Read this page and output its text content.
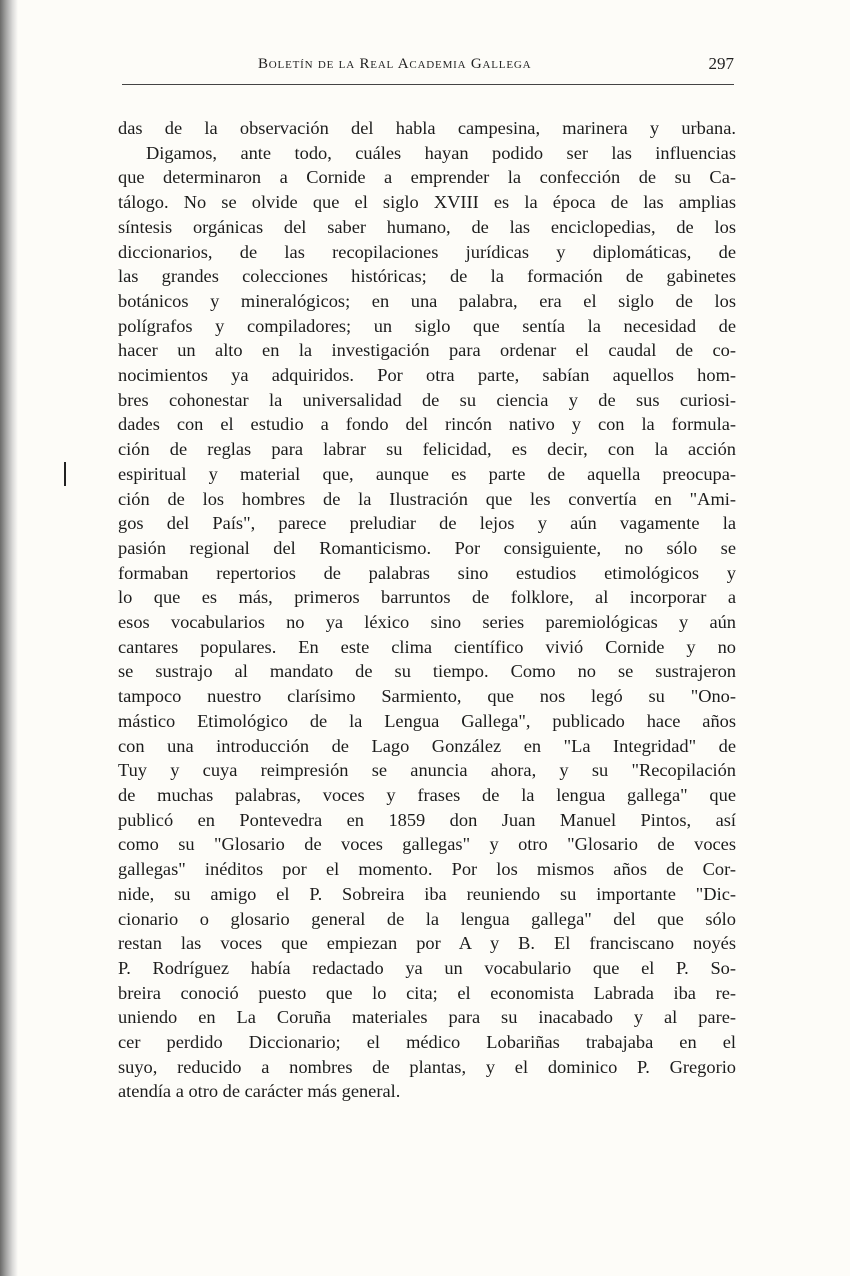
Boletín de la Real Academia Gallega	297
das de la observación del habla campesina, marinera y urbana.
Digamos, ante todo, cuáles hayan podido ser las influencias
que determinaron a Cornide a emprender la confección de su Ca-
tálogo. No se olvide que el siglo XVIII es la época de las amplias
síntesis orgánicas del saber humano, de las enciclopedias, de los
diccionarios, de las recopilaciones jurídicas y diplomáticas, de
las grandes colecciones históricas; de la formación de gabinetes
botánicos y mineralógicos; en una palabra, era el siglo de los
polígrafos y compiladores; un siglo que sentía la necesidad de
hacer un alto en la investigación para ordenar el caudal de co-
nocimientos ya adquiridos. Por otra parte, sabían aquellos hom-
bres cohonestar la universalidad de su ciencia y de sus curiosi-
dades con el estudio a fondo del rincón nativo y con la formula-
ción de reglas para labrar su felicidad, es decir, con la acción
espiritual y material que, aunque es parte de aquella preocupa-
ción de los hombres de la Ilustración que les convertía en "Ami-
gos del País", parece preludiar de lejos y aún vagamente la
pasión regional del Romanticismo. Por consiguiente, no sólo se
formaban repertorios de palabras sino estudios etimológicos y
lo que es más, primeros barruntos de folklore, al incorporar a
esos vocabularios no ya léxico sino series paremiológicas y aún
cantares populares. En este clima científico vivió Cornide y no
se sustrajo al mandato de su tiempo. Como no se sustrajeron
tampoco nuestro clarísimo Sarmiento, que nos legó su "Ono-
mástico Etimológico de la Lengua Gallega", publicado hace años
con una introducción de Lago González en "La Integridad" de
Tuy y cuya reimpresión se anuncia ahora, y su "Recopilación
de muchas palabras, voces y frases de la lengua gallega" que
publicó en Pontevedra en 1859 don Juan Manuel Pintos, así
como su "Glosario de voces gallegas" y otro "Glosario de voces
gallegas" inéditos por el momento. Por los mismos años de Cor-
nide, su amigo el P. Sobreira iba reuniendo su importante "Dic-
cionario o glosario general de la lengua gallega" del que sólo
restan las voces que empiezan por A y B. El franciscano noyés
P. Rodríguez había redactado ya un vocabulario que el P. So-
breira conoció puesto que lo cita; el economista Labrada iba re-
uniendo en La Coruña materiales para su inacabado y al pare-
cer perdido Diccionario; el médico Lobariñas trabajaba en el
suyo, reducido a nombres de plantas, y el dominico P. Gregorio
atendía a otro de carácter más general.
